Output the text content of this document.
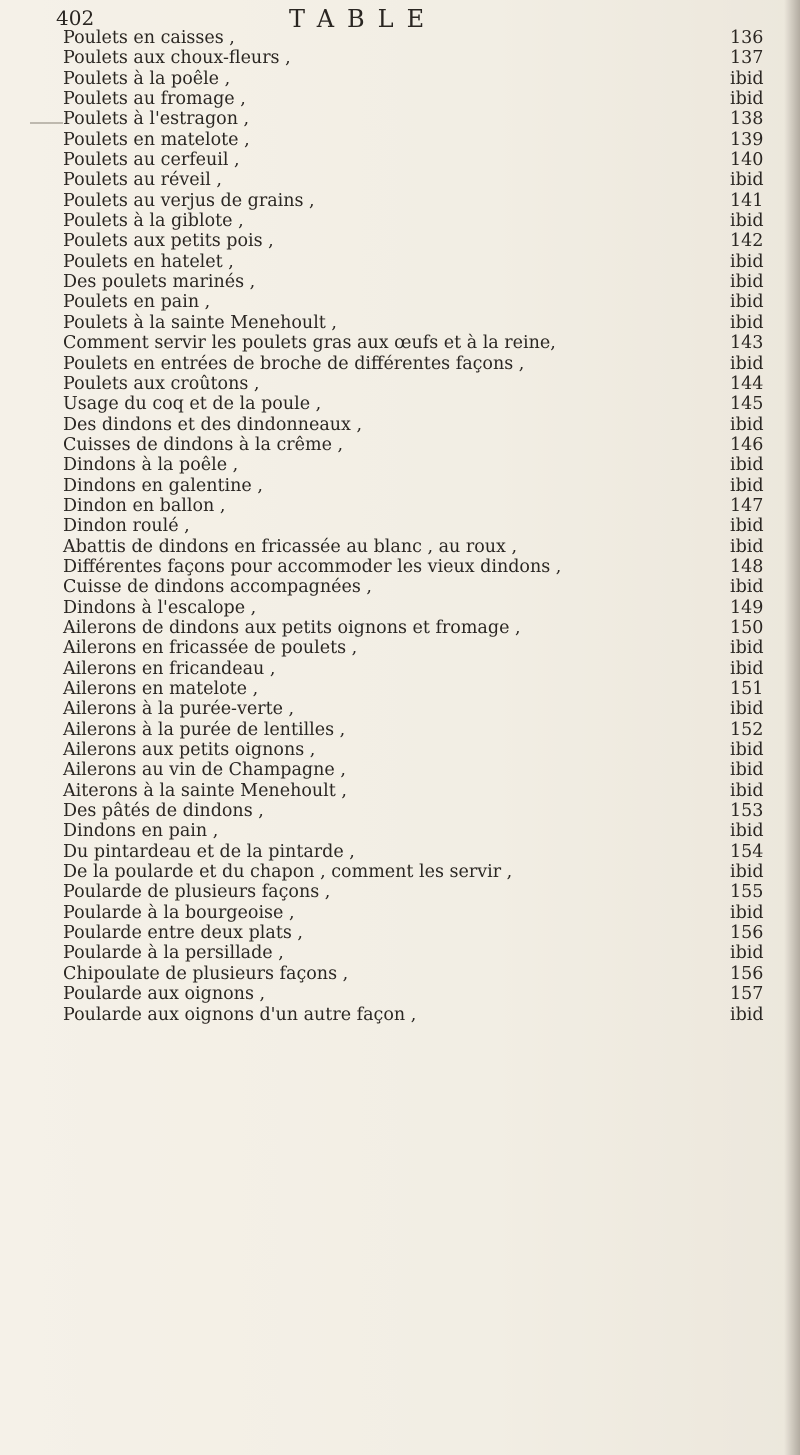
402	TABLE
Poulets en caisses ,	136
Poulets aux choux-fleurs ,	137
Poulets à la poêle ,	ibid
Poulets au fromage ,	ibid
Poulets à l'estragon ,	138
Poulets en matelote ,	139
Poulets au cerfeuil ,	140
Poulets au réveil ,	ibid
Poulets au verjus de grains ,	141
Poulets à la giblote ,	ibid
Poulets aux petits pois ,	142
Poulets en hatelet ,	ibid
Des poulets marinés ,	ibid
Poulets en pain ,	ibid
Poulets à la sainte Menehoult ,	ibid
Comment servir les poulets gras aux œufs et à la reine,	143
Poulets en entrées de broche de différentes façons ,	ibid
Poulets aux croûtons ,	144
Usage du coq et de la poule ,	145
Des dindons et des dindonneaux ,	ibid
Cuisses de dindons à la crême ,	146
Dindons à la poêle ,	ibid
Dindons en galentine ,	ibid
Dindon en ballon ,	147
Dindon roulé ,	ibid
Abattis de dindons en fricassée au blanc , au roux ,	ibid
Différentes façons pour accommoder les vieux dindons ,	148
Cuisse de dindons accompagnées ,	ibid
Dindons à l'escalope ,	149
Ailerons de dindons aux petits oignons et fromage ,	150
Ailerons en fricassée de poulets ,	ibid
Ailerons en fricandeau ,	ibid
Ailerons en matelote ,	151
Ailerons à la purée-verte ,	ibid
Ailerons à la purée de lentilles ,	152
Ailerons aux petits oignons ,	ibid
Ailerons au vin de Champagne ,	ibid
Aiterons à la sainte Menehoult ,	ibid
Des pâtés de dindons ,	153
Dindons en pain ,	ibid
Du pintardeau et de la pintarde ,	154
De la poularde et du chapon , comment les servir ,	ibid
Poularde de plusieurs façons ,	155
Poularde à la bourgeoise ,	ibid
Poularde entre deux plats ,	156
Poularde à la persillade ,	ibid
Chipoulate de plusieurs façons ,	156
Poularde aux oignons ,	157
Poularde aux oignons d'un autre façon ,	ibid
